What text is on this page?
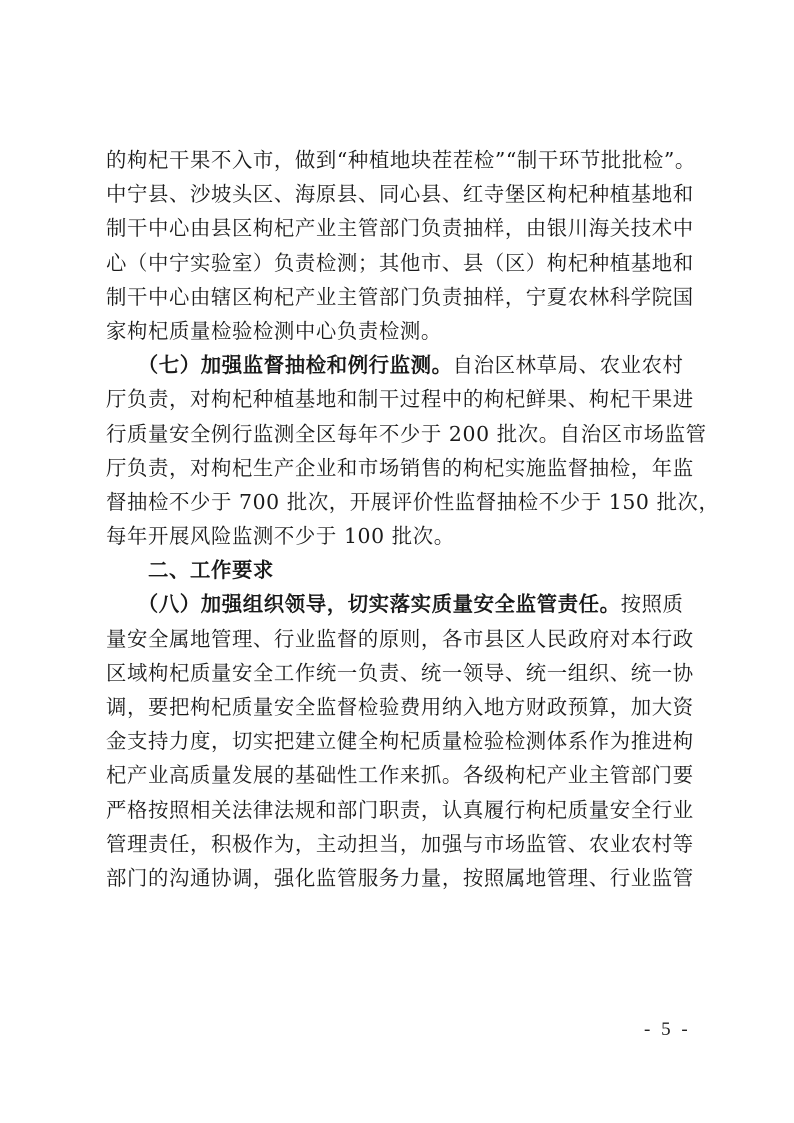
的枸杞干果不入市，做到“种植地块茬茬检”“制干环节批批检”。
中宁县、沙坡头区、海原县、同心县、红寺堡区枸杞种植基地和
制干中心由县区枸杞产业主管部门负责抽样，由银川海关技术中
心（中宁实验室）负责检测；其他市、县（区）枸杞种植基地和
制干中心由辖区枸杞产业主管部门负责抽样，宁夏农林科学院国
家枸杞质量检验检测中心负责检测。
　　（七）加强监督抽检和例行监测。自治区林草局、农业农村
厅负责，对枸杞种植基地和制干过程中的枸杞鲜果、枸杞干果进
行质量安全例行监测全区每年不少于 200 批次。自治区市场监管
厅负责，对枸杞生产企业和市场销售的枸杞实施监督抽检，年监
督抽检不少于 700 批次，开展评价性监督抽检不少于 150 批次，
每年开展风险监测不少于 100 批次。
　　二、工作要求
　　（八）加强组织领导，切实落实质量安全监管责任。按照质
量安全属地管理、行业监督的原则，各市县区人民政府对本行政
区域枸杞质量安全工作统一负责、统一领导、统一组织、统一协
调，要把枸杞质量安全监督检验费用纳入地方财政预算，加大资
金支持力度，切实把建立健全枸杞质量检验检测体系作为推进枸
杞产业高质量发展的基础性工作来抓。各级枸杞产业主管部门要
严格按照相关法律法规和部门职责，认真履行枸杞质量安全行业
管理责任，积极作为，主动担当，加强与市场监管、农业农村等
部门的沟通协调，强化监管服务力量，按照属地管理、行业监管
- 5 -
